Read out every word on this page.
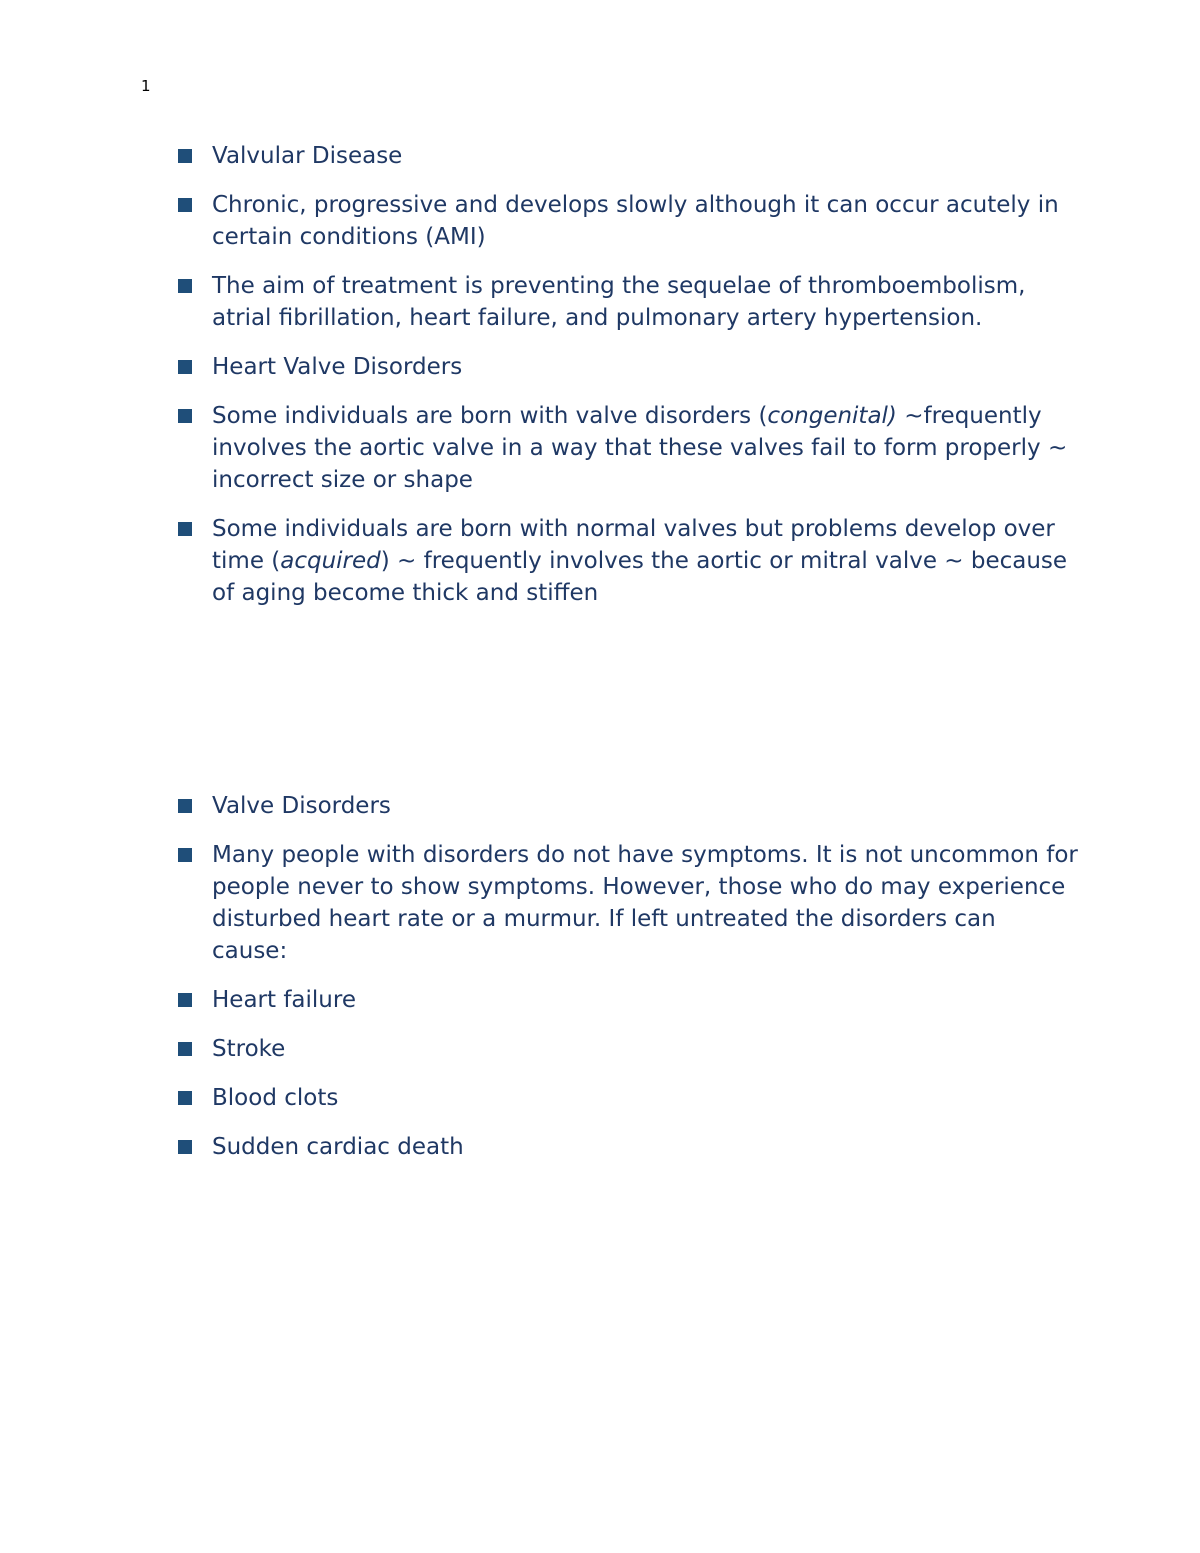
1
Valvular Disease
Chronic, progressive and develops slowly although it can occur acutely in certain conditions (AMI)
The aim of treatment is preventing the sequelae of thromboembolism, atrial fibrillation, heart failure, and pulmonary artery hypertension.
Heart Valve Disorders
Some individuals are born with valve disorders (congenital) ~frequently involves the aortic valve in a way that these valves fail to form properly ~ incorrect size or shape
Some individuals are born with normal valves but problems develop over time (acquired) ~ frequently involves the aortic or mitral valve ~ because of aging become thick and stiffen
Valve Disorders
Many people with disorders do not have symptoms. It is not uncommon for people never to show symptoms. However, those who do may experience disturbed heart rate or a murmur. If left untreated the disorders can cause:
Heart failure
Stroke
Blood clots
Sudden cardiac death
